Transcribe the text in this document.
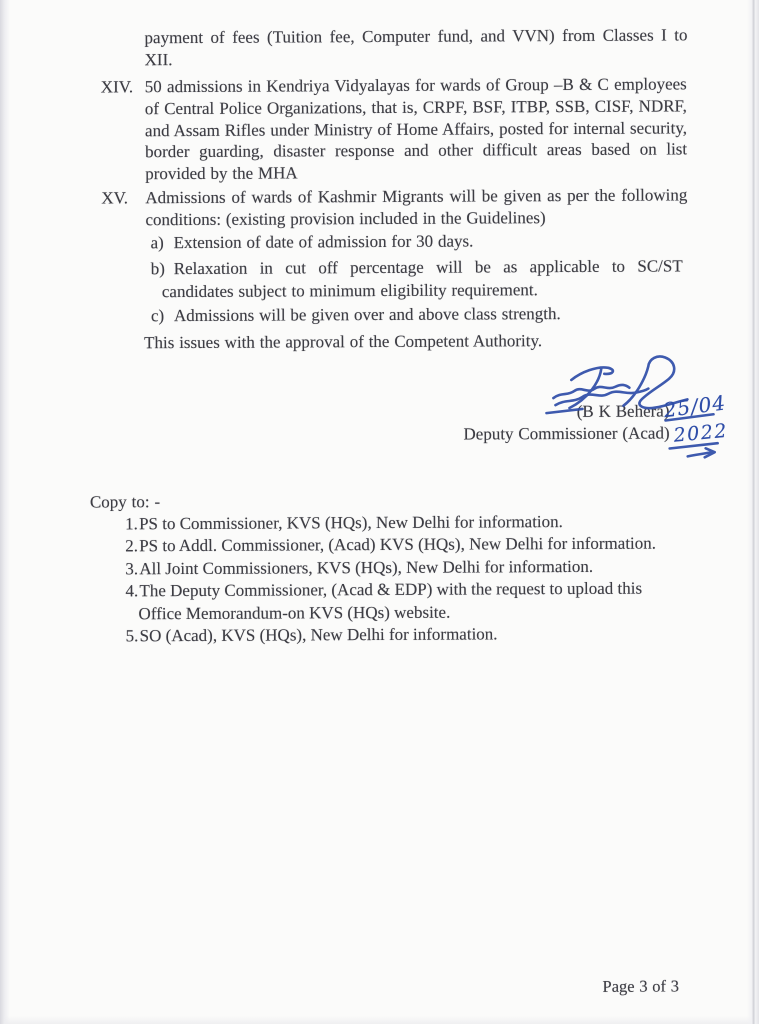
payment of fees (Tuition fee, Computer fund, and VVN) from Classes I to XII.

XIV. 50 admissions in Kendriya Vidyalayas for wards of Group –B & C employees of Central Police Organizations, that is, CRPF, BSF, ITBP, SSB, CISF, NDRF, and Assam Rifles under Ministry of Home Affairs, posted for internal security, border guarding, disaster response and other difficult areas based on list provided by the MHA
XV. Admissions of wards of Kashmir Migrants will be given as per the following conditions: (existing provision included in the Guidelines)
a) Extension of date of admission for 30 days.
b) Relaxation in cut off percentage will be as applicable to SC/ST candidates subject to minimum eligibility requirement.
c) Admissions will be given over and above class strength.

This issues with the approval of the Competent Authority.

25/04
2022

(B K Behera)

Deputy Commissioner (Acad)

Copy to: -

1.PS to Commissioner, KVS (HQs), New Delhi for information.
2.PS to Addl. Commissioner, (Acad) KVS (HQs), New Delhi for information.
3.All Joint Commissioners, KVS (HQs), New Delhi for information.
4.The Deputy Commissioner, (Acad & EDP) with the request to upload this Office Memorandum-on KVS (HQs) website.
5.SO (Acad), KVS (HQs), New Delhi for information.

Page 3 of 3
